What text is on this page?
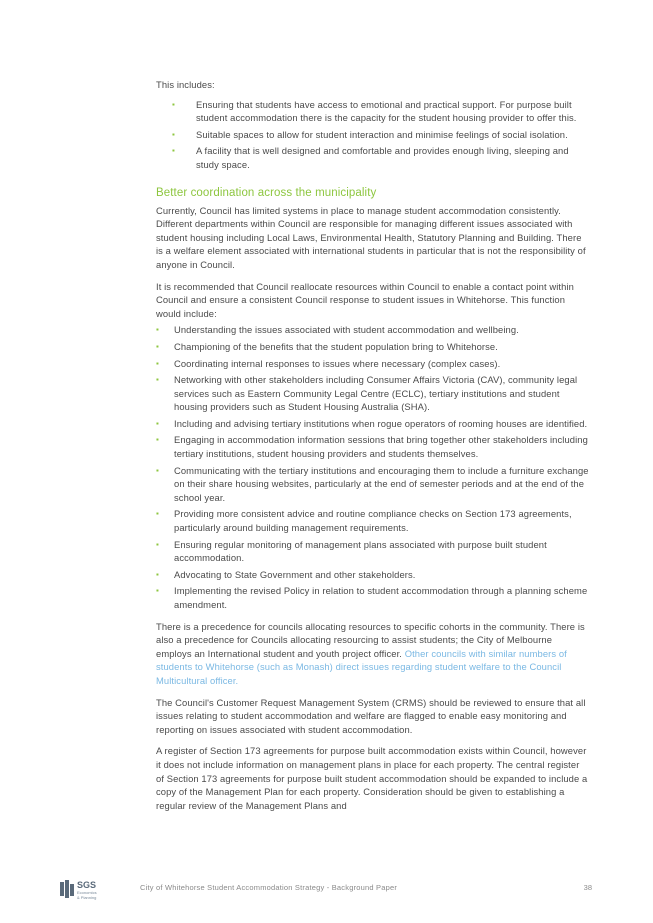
This includes:

▪ Ensuring that students have access to emotional and practical support. For purpose built student accommodation there is the capacity for the student housing provider to offer this.
▪ Suitable spaces to allow for student interaction and minimise feelings of social isolation.
▪ A facility that is well designed and comfortable and provides enough living, sleeping and study space.
Better coordination across the municipality

Currently, Council has limited systems in place to manage student accommodation consistently. Different departments within Council are responsible for managing different issues associated with student housing including Local Laws, Environmental Health, Statutory Planning and Building. There is a welfare element associated with international students in particular that is not the responsibility of anyone in Council.

It is recommended that Council reallocate resources within Council to enable a contact point within Council and ensure a consistent Council response to student issues in Whitehorse. This function would include:

▪ Understanding the issues associated with student accommodation and wellbeing.
▪ Championing of the benefits that the student population bring to Whitehorse.
▪ Coordinating internal responses to issues where necessary (complex cases).
▪ Networking with other stakeholders including Consumer Affairs Victoria (CAV), community legal services such as Eastern Community Legal Centre (ECLC), tertiary institutions and student housing providers such as Student Housing Australia (SHA).
▪ Including and advising tertiary institutions when rogue operators of rooming houses are identified.
▪ Engaging in accommodation information sessions that bring together other stakeholders including tertiary institutions, student housing providers and students themselves.
▪ Communicating with the tertiary institutions and encouraging them to include a furniture exchange on their share housing websites, particularly at the end of semester periods and at the end of the school year.
▪ Providing more consistent advice and routine compliance checks on Section 173 agreements, particularly around building management requirements.
▪ Ensuring regular monitoring of management plans associated with purpose built student accommodation.
▪ Advocating to State Government and other stakeholders.
▪ Implementing the revised Policy in relation to student accommodation through a planning scheme amendment.

There is a precedence for councils allocating resources to specific cohorts in the community. There is also a precedence for Councils allocating resourcing to assist students; the City of Melbourne employs an International student and youth project officer. Other councils with similar numbers of students to Whitehorse (such as Monash) direct issues regarding student welfare to the Council Multicultural officer.

The Council's Customer Request Management System (CRMS) should be reviewed to ensure that all issues relating to student accommodation and welfare are flagged to enable easy monitoring and reporting on issues associated with student accommodation.

A register of Section 173 agreements for purpose built accommodation exists within Council, however it does not include information on management plans in place for each property. The central register of Section 173 agreements for purpose built student accommodation should be expanded to include a copy of the Management Plan for each property. Consideration should be given to establishing a regular review of the Management Plans and

SGS
Economics
& Planning
City of Whitehorse Student Accommodation Strategy - Background Paper	38
